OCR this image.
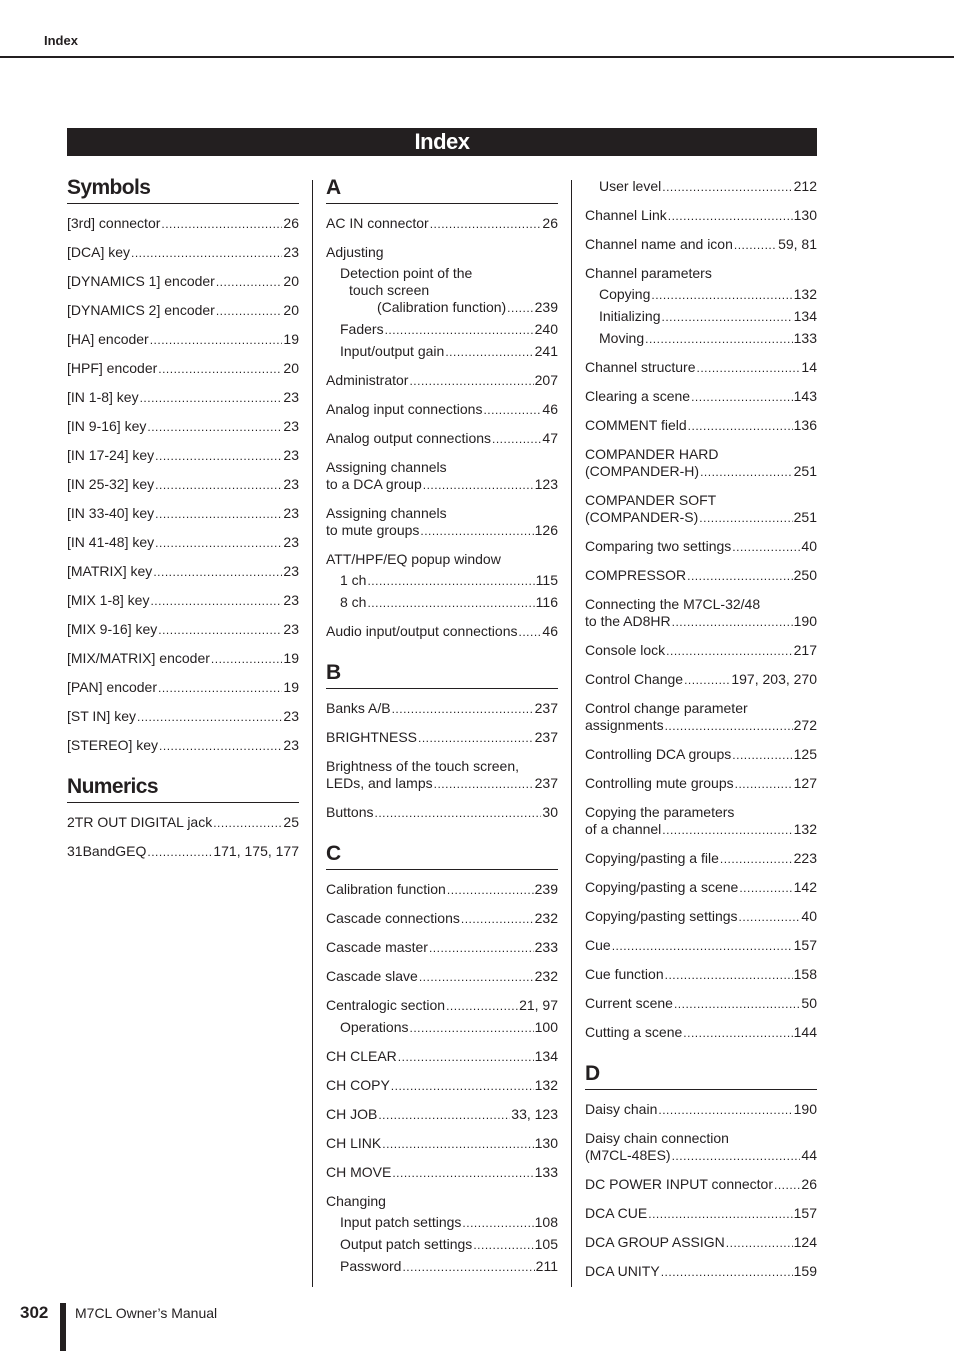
Index
Index
Symbols
[3rd] connector .....	26
[DCA] key .....	23
[DYNAMICS 1] encoder .....	20
[DYNAMICS 2] encoder .....	20
[HA] encoder .....	19
[HPF] encoder .....	20
[IN 1-8] key .....	23
[IN 9-16] key .....	23
[IN 17-24] key .....	23
[IN 25-32] key .....	23
[IN 33-40] key .....	23
[IN 41-48] key .....	23
[MATRIX] key .....	23
[MIX 1-8] key .....	23
[MIX 9-16] key .....	23
[MIX/MATRIX] encoder .....	19
[PAN] encoder .....	19
[ST IN] key .....	23
[STEREO] key .....	23
Numerics
2TR OUT DIGITAL jack .....	25
31BandGEQ .....	171, 175, 177
A
AC IN connector .....	26
Adjusting
Detection point of the
touch screen
(Calibration function) ..... 239
Faders .....	240
Input/output gain .....	241
Administrator .....	207
Analog input connections .....	46
Analog output connections .....	47
Assigning channels
to a DCA group .....	123
Assigning channels
to mute groups .....	126
ATT/HPF/EQ popup window
1 ch .....	115
8 ch .....	116
Audio input/output connections ..... 46
B
Banks A/B .....	237
BRIGHTNESS .....	237
Brightness of the touch screen,
LEDs, and lamps .....	237
Buttons .....	30
C
Calibration function .....	239
Cascade connections .....	232
Cascade master .....	233
Cascade slave .....	232
Centralogic section .....	21, 97
Operations .....	100
CH CLEAR .....	134
CH COPY .....	132
CH JOB .....	33, 123
CH LINK .....	130
CH MOVE .....	133
Changing
Input patch settings .....	108
Output patch settings .....	105
Password .....	211
User level .....	212
Channel Link .....	130
Channel name and icon .....	59, 81
Channel parameters
Copying .....	132
Initializing .....	134
Moving .....	133
Channel structure .....	14
Clearing a scene .....	143
COMMENT field .....	136
COMPANDER HARD
(COMPANDER-H) .....	251
COMPANDER SOFT
(COMPANDER-S) .....	251
Comparing two settings .....	40
COMPRESSOR .....	250
Connecting the M7CL-32/48
to the AD8HR .....	190
Console lock .....	217
Control Change .....	197, 203, 270
Control change parameter
assignments .....	272
Controlling DCA groups .....	125
Controlling mute groups .....	127
Copying the parameters
of a channel .....	132
Copying/pasting a file .....	223
Copying/pasting a scene .....	142
Copying/pasting settings .....	40
Cue .....	157
Cue function .....	158
Current scene .....	50
Cutting a scene .....	144
D
Daisy chain .....	190
Daisy chain connection
(M7CL-48ES) .....	44
DC POWER INPUT connector ..... 26
DCA CUE .....	157
DCA GROUP ASSIGN .....	124
DCA UNITY .....	159
302 M7CL Owner’s Manual
